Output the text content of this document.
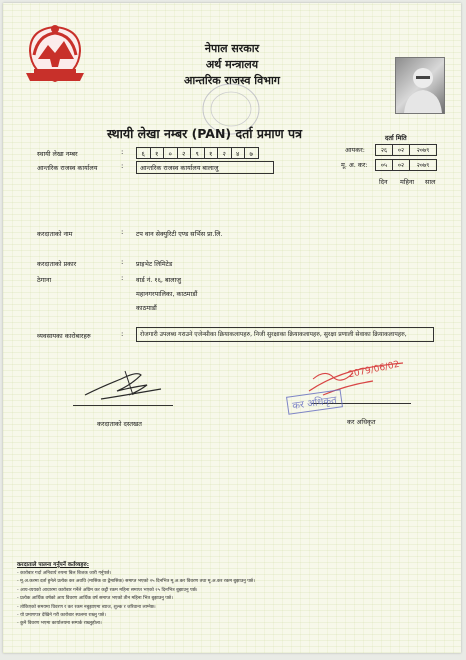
नेपाल सरकार
अर्थ मन्त्रालय
आन्तरिक राजस्व विभाग
स्थायी लेखा नम्बर (PAN) दर्ता प्रमाण पत्र	दर्ता मिति
आयकर:	२६	०२	२०७९
मू. अ. कर: ०५	०२	२०७९
दिन महिना साल
स्थायी लेखा नम्बर	:	६	१	०	२	९	१	२	४	७
आन्तरिक राजस्व कार्यालय	:	आन्तरिक राजस्व कार्यालय बालाजु
करदाताको नाम	: टप वान सेक्युरिटी एण्ड सर्भिस प्रा.लि.
करदाताको प्रकार	: प्राइभेट लिमिटेड
ठेगाना	: वार्ड नं. १६, बालाजु
महानगरपालिका, काठमाडौं
काठमाडौं
व्यवसायका कारोबारहरु	:	रोजगारी उपलब्ध गराउने एजेन्सीका क्रियाकलापहरु, निजी सुरक्षाका क्रियाकलापहरु, सुरक्षा प्रणाली सेवाका क्रियाकलापहरु,
करदाताको दस्तखत
2079/06/02
कर अधिकृत
कर अधिकृत
करदाताले पालना गर्नुपर्ने कर्तव्यहरु:
- कारोबार गर्दा अनिवार्य रुपमा बिल बिजक जारी गर्नुपर्छ।
- मू.अ.करमा दर्ता हुनेले प्रत्येक कर अवधि (मासिक वा द्वैमासिक) समाप्त भएको २५ दिनभित्र मू.अ.कर विवरण तथा मू.अ.कर रकम बुझाउनु पर्छ।
- आय-व्ययको आधारमा कारोबार गर्नेले अग्रिम कर कट्टी रकम महिना समाप्त भएको २५ दिनभित्र बुझाउनु पर्छ।
- प्रत्येक आर्थिक वर्षको आय विवरण आर्थिक वर्ष समाप्त भएको तीन महिना भित्र बुझाउनु पर्छ।
- तोकिएको समयमा विवरण र कर रकम नबुझाएमा ब्याज, शुल्क र जरिवाना लाग्नेछ।
- यो प्रमाणपत्र देखिने गरी कारोबार स्थलमा राख्नु पर्छ।
- कुनै विवरण भएमा कार्यालयमा सम्पर्क राख्नुहोला।
